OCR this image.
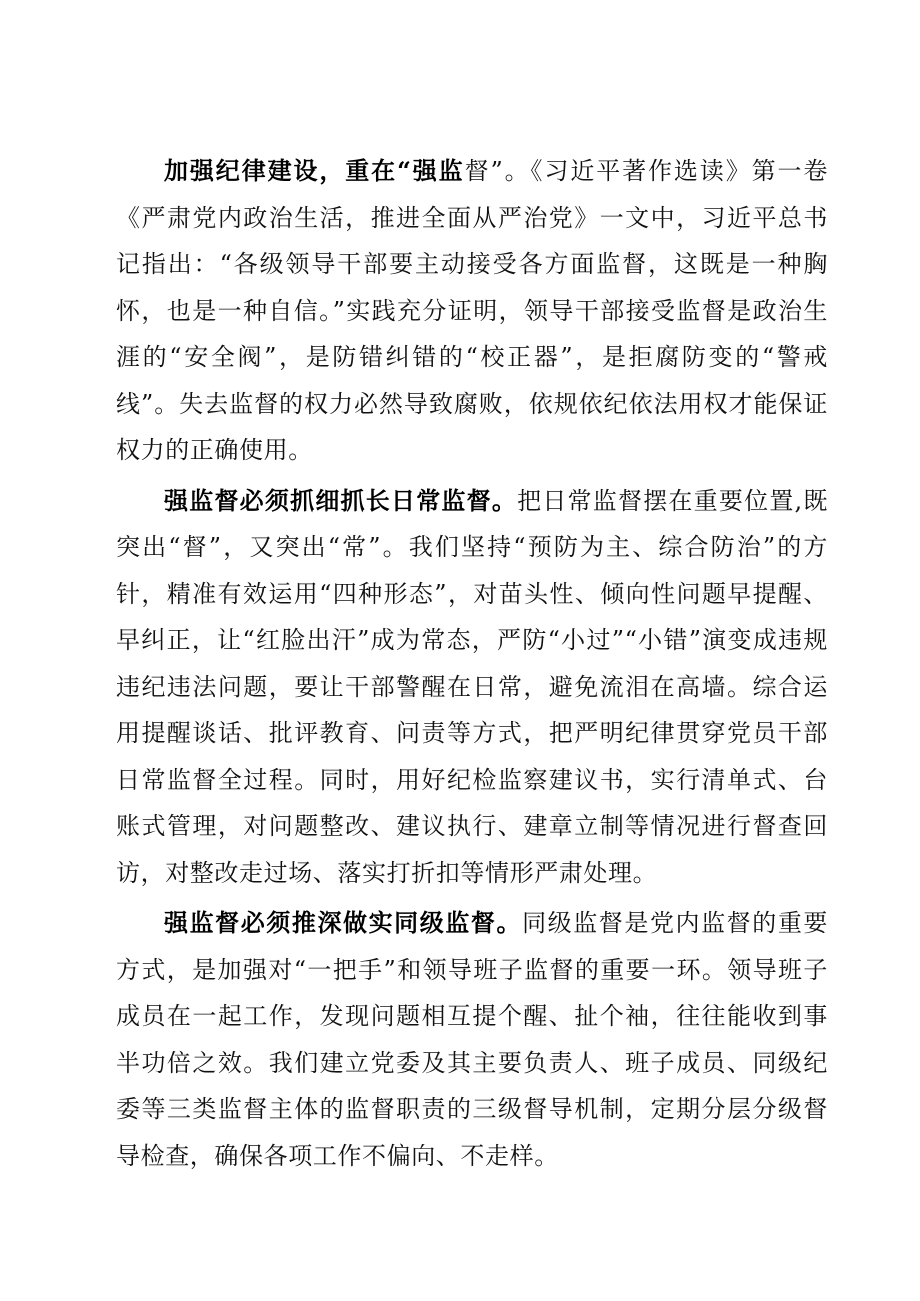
加强纪律建设，重在“强监督”。《习近平著作选读》第一卷《严肃党内政治生活，推进全面从严治党》一文中，习近平总书记指出：“各级领导干部要主动接受各方面监督，这既是一种胸怀，也是一种自信。”实践充分证明，领导干部接受监督是政治生涯的“安全阀”，是防错纠错的“校正器”，是拒腐防变的“警戒线”。失去监督的权力必然导致腐败，依规依纪依法用权才能保证权力的正确使用。

强监督必须抓细抓长日常监督。把日常监督摆在重要位置,既突出“督”，又突出“常”。我们坚持“预防为主、综合防治”的方针，精准有效运用“四种形态”，对苗头性、倾向性问题早提醒、早纠正，让“红脸出汗”成为常态，严防“小过”“小错”演变成违规违纪违法问题，要让干部警醒在日常，避免流泪在高墙。综合运用提醒谈话、批评教育、问责等方式，把严明纪律贯穿党员干部日常监督全过程。同时，用好纪检监察建议书，实行清单式、台账式管理，对问题整改、建议执行、建章立制等情况进行督查回访，对整改走过场、落实打折扣等情形严肃处理。

强监督必须推深做实同级监督。同级监督是党内监督的重要方式，是加强对“一把手”和领导班子监督的重要一环。领导班子成员在一起工作，发现问题相互提个醒、扯个袖，往往能收到事半功倍之效。我们建立党委及其主要负责人、班子成员、同级纪委等三类监督主体的监督职责的三级督导机制，定期分层分级督导检查，确保各项工作不偏向、不走样。
